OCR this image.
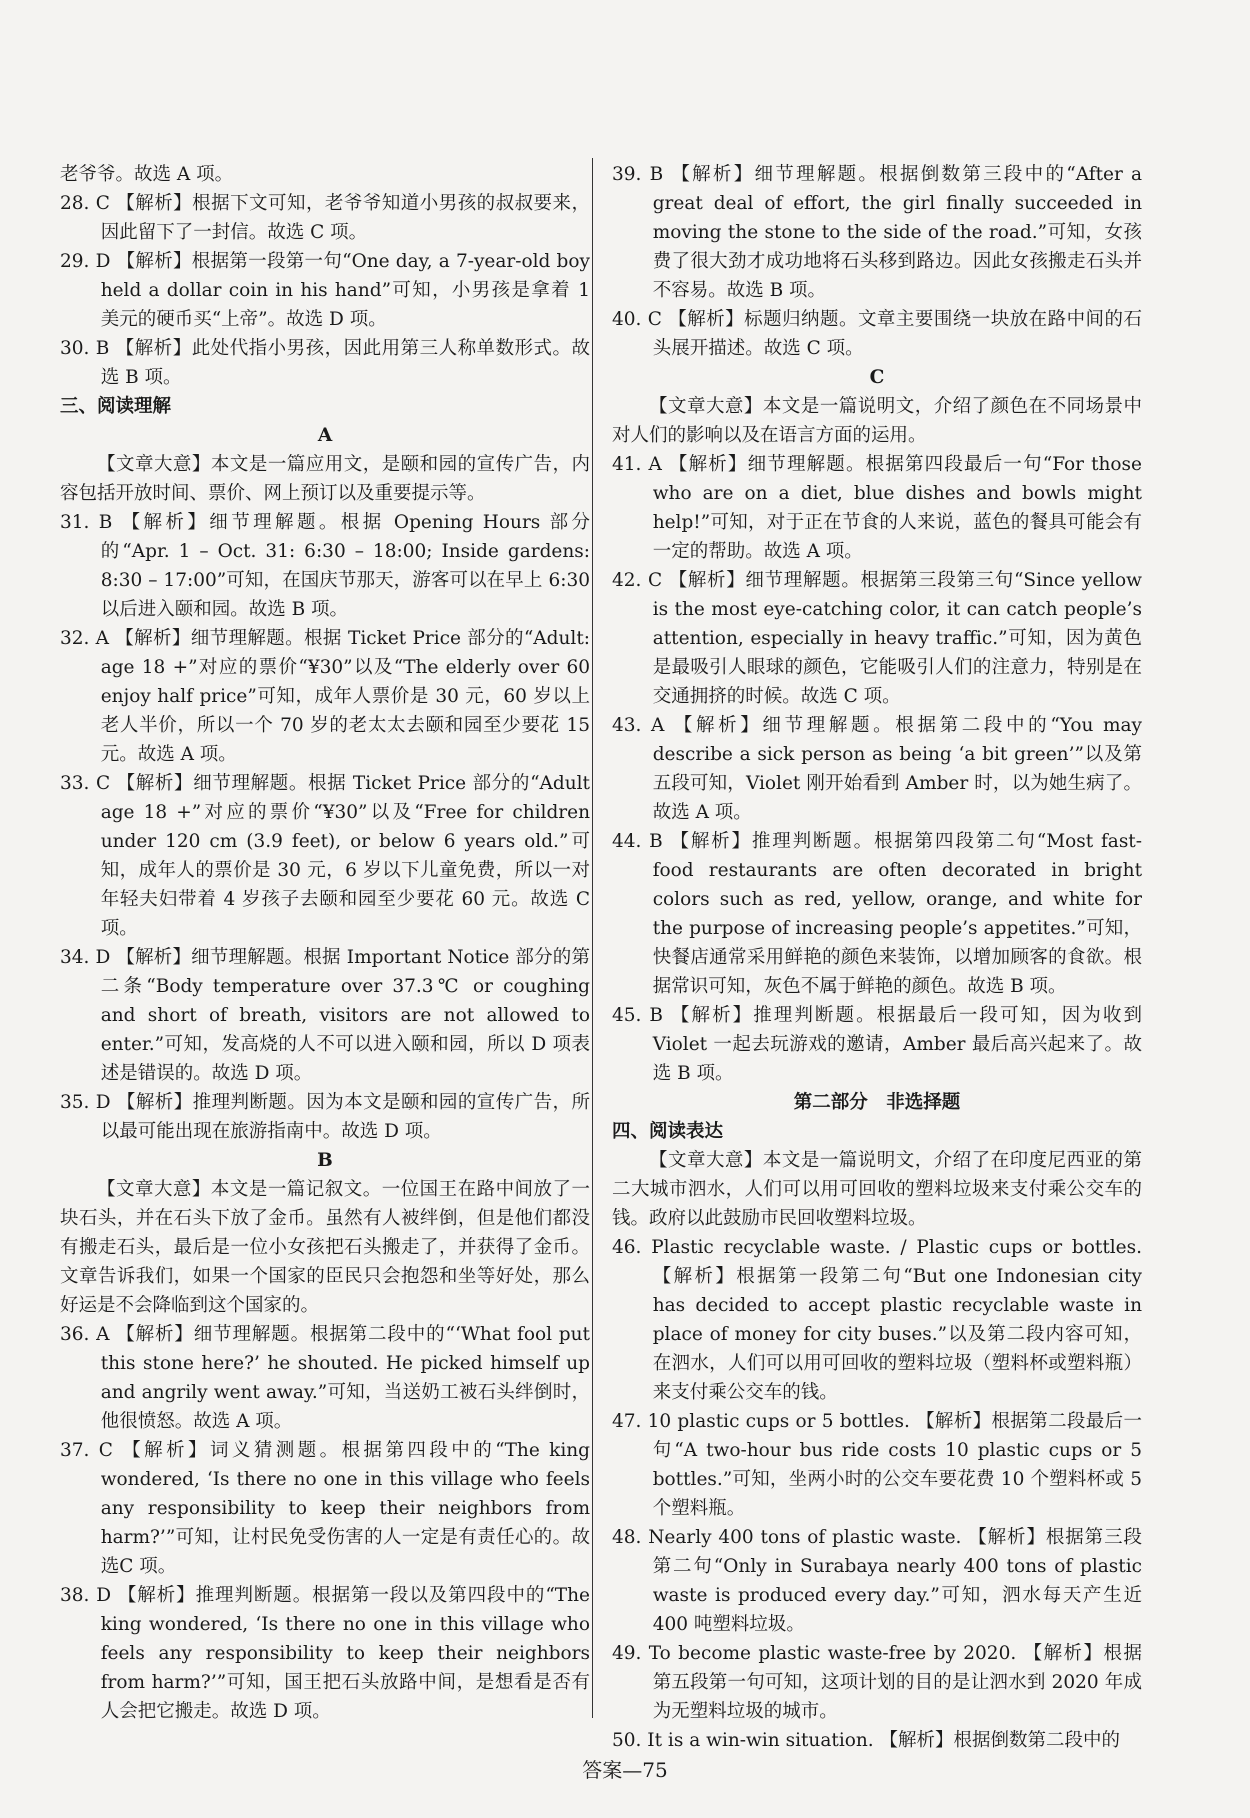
老爷爷。故选 A 项。

28. C 【解析】根据下文可知，老爷爷知道小男孩的叔叔要来，因此留下了一封信。故选 C 项。

29. D 【解析】根据第一段第一句“One day, a 7-year-old boy held a dollar coin in his hand”可知，小男孩是拿着 1 美元的硬币买“上帝”。故选 D 项。

30. B 【解析】此处代指小男孩，因此用第三人称单数形式。故选 B 项。

三、阅读理解

A

【文章大意】本文是一篇应用文，是颐和园的宣传广告，内容包括开放时间、票价、网上预订以及重要提示等。

31. B 【解析】细节理解题。根据 Opening Hours 部分的“Apr. 1 – Oct. 31: 6:30 – 18:00; Inside gardens: 8:30 – 17:00”可知，在国庆节那天，游客可以在早上 6:30 以后进入颐和园。故选 B 项。

32. A 【解析】细节理解题。根据 Ticket Price 部分的“Adult: age 18 +”对应的票价“¥30”以及“The elderly over 60 enjoy half price”可知，成年人票价是 30 元，60 岁以上老人半价，所以一个 70 岁的老太太去颐和园至少要花 15 元。故选 A 项。

33. C 【解析】细节理解题。根据 Ticket Price 部分的“Adult age 18 +”对应的票价“¥30”以及“Free for children under 120 cm (3.9 feet), or below 6 years old.”可知，成年人的票价是 30 元，6 岁以下儿童免费，所以一对年轻夫妇带着 4 岁孩子去颐和园至少要花 60 元。故选 C 项。

34. D 【解析】细节理解题。根据 Important Notice 部分的第二条“Body temperature over 37.3℃ or coughing and short of breath, visitors are not allowed to enter.”可知，发高烧的人不可以进入颐和园，所以 D 项表述是错误的。故选 D 项。

35. D 【解析】推理判断题。因为本文是颐和园的宣传广告，所以最可能出现在旅游指南中。故选 D 项。

B

【文章大意】本文是一篇记叙文。一位国王在路中间放了一块石头，并在石头下放了金币。虽然有人被绊倒，但是他们都没有搬走石头，最后是一位小女孩把石头搬走了，并获得了金币。文章告诉我们，如果一个国家的臣民只会抱怨和坐等好处，那么好运是不会降临到这个国家的。

36. A 【解析】细节理解题。根据第二段中的“‘What fool put this stone here?’ he shouted. He picked himself up and angrily went away.”可知，当送奶工被石头绊倒时，他很愤怒。故选 A 项。

37. C 【解析】词义猜测题。根据第四段中的“The king wondered, ‘Is there no one in this village who feels any responsibility to keep their neighbors from harm?’”可知，让村民免受伤害的人一定是有责任心的。故选C 项。

38. D 【解析】推理判断题。根据第一段以及第四段中的“The king wondered, ‘Is there no one in this village who feels any responsibility to keep their neighbors from harm?’”可知，国王把石头放路中间，是想看是否有人会把它搬走。故选 D 项。

39. B 【解析】细节理解题。根据倒数第三段中的“After a great deal of effort, the girl finally succeeded in moving the stone to the side of the road.”可知，女孩费了很大劲才成功地将石头移到路边。因此女孩搬走石头并不容易。故选 B 项。

40. C 【解析】标题归纳题。文章主要围绕一块放在路中间的石头展开描述。故选 C 项。

C

【文章大意】本文是一篇说明文，介绍了颜色在不同场景中对人们的影响以及在语言方面的运用。

41. A 【解析】细节理解题。根据第四段最后一句“For those who are on a diet, blue dishes and bowls might help!”可知，对于正在节食的人来说，蓝色的餐具可能会有一定的帮助。故选 A 项。

42. C 【解析】细节理解题。根据第三段第三句“Since yellow is the most eye-catching color, it can catch people’s attention, especially in heavy traffic.”可知，因为黄色是最吸引人眼球的颜色，它能吸引人们的注意力，特别是在交通拥挤的时候。故选 C 项。

43. A 【解析】细节理解题。根据第二段中的“You may describe a sick person as being ‘a bit green’”以及第五段可知，Violet 刚开始看到 Amber 时，以为她生病了。故选 A 项。

44. B 【解析】推理判断题。根据第四段第二句“Most fast-food restaurants are often decorated in bright colors such as red, yellow, orange, and white for the purpose of increasing people’s appetites.”可知，快餐店通常采用鲜艳的颜色来装饰，以增加顾客的食欲。根据常识可知，灰色不属于鲜艳的颜色。故选 B 项。

45. B 【解析】推理判断题。根据最后一段可知，因为收到 Violet 一起去玩游戏的邀请，Amber 最后高兴起来了。故选 B 项。

第二部分　非选择题

四、阅读表达

【文章大意】本文是一篇说明文，介绍了在印度尼西亚的第二大城市泗水，人们可以用可回收的塑料垃圾来支付乘公交车的钱。政府以此鼓励市民回收塑料垃圾。

46. Plastic recyclable waste. / Plastic cups or bottles. 【解析】根据第一段第二句“But one Indonesian city has decided to accept plastic recyclable waste in place of money for city buses.”以及第二段内容可知，在泗水，人们可以用可回收的塑料垃圾（塑料杯或塑料瓶）来支付乘公交车的钱。

47. 10 plastic cups or 5 bottles. 【解析】根据第二段最后一句“A two-hour bus ride costs 10 plastic cups or 5 bottles.”可知，坐两小时的公交车要花费 10 个塑料杯或 5 个塑料瓶。

48. Nearly 400 tons of plastic waste. 【解析】根据第三段第二句“Only in Surabaya nearly 400 tons of plastic waste is produced every day.”可知，泗水每天产生近 400 吨塑料垃圾。

49. To become plastic waste-free by 2020. 【解析】根据第五段第一句可知，这项计划的目的是让泗水到 2020 年成为无塑料垃圾的城市。

50. It is a win-win situation. 【解析】根据倒数第二段中的

答案—75
